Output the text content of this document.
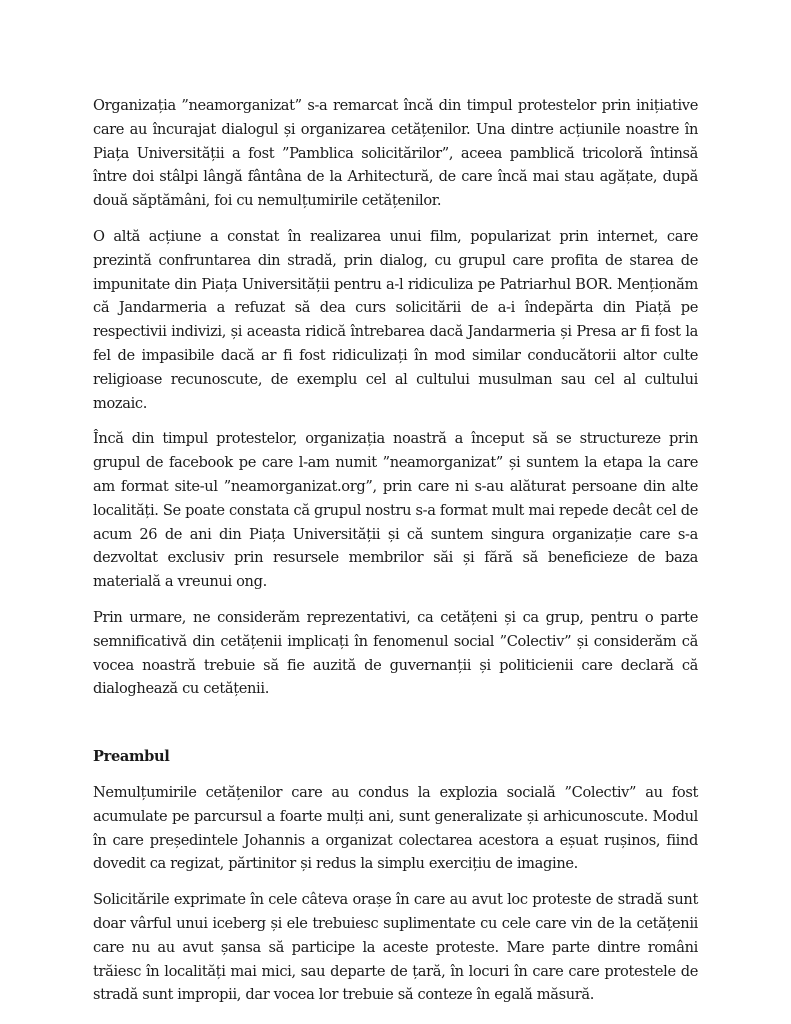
Organizația ”neamorganizat” s-a remarcat încă din timpul protestelor prin inițiative care au încurajat dialogul și organizarea cetățenilor. Una dintre acțiunile noastre în Piața Universității a fost ”Pamblica solicitărilor”, aceea pamblică tricoloră întinsă între doi stâlpi lângă fântâna de la Arhitectură, de care încă mai stau agățate, după două săptămâni, foi cu nemulțumirile cetățenilor.

O altă acțiune a constat în realizarea unui film, popularizat prin internet, care prezintă confruntarea din stradă, prin dialog, cu grupul care profita de starea de impunitate din Piața Universității pentru a-l ridiculiza pe Patriarhul BOR. Menționăm că Jandarmeria a refuzat să dea curs solicitării de a-i îndepărta din Piață pe respectivii indivizi, și aceasta ridică întrebarea dacă Jandarmeria și Presa ar fi fost la fel de impasibile dacă ar fi fost ridiculizați în mod similar conducătorii altor culte religioase recunoscute, de exemplu cel al cultului musulman sau cel al cultului mozaic.

Încă din timpul protestelor, organizația noastră a început să se structureze prin grupul de facebook pe care l-am numit ”neamorganizat” și suntem la etapa la care am format site-ul ”neamorganizat.org”, prin care ni s-au alăturat persoane din alte localități. Se poate constata că grupul nostru s-a format mult mai repede decât cel de acum 26 de ani din Piața Universității și că suntem singura organizație care s-a dezvoltat exclusiv prin resursele membrilor săi și fără să beneficieze de baza materială a vreunui ong.

Prin urmare, ne considerăm reprezentativi, ca cetățeni și ca grup, pentru o parte semnificativă din cetățenii implicați în fenomenul social ”Colectiv” și considerăm că vocea noastră trebuie să fie auzită de guvernanții și politicienii care declară că dialoghează cu cetățenii.

Preambul

Nemulțumirile cetățenilor care au condus la explozia socială ”Colectiv” au fost acumulate pe parcursul a foarte mulți ani, sunt generalizate și arhicunoscute. Modul în care președintele Johannis a organizat colectarea acestora a eșuat rușinos, fiind dovedit ca regizat, părtinitor și redus la simplu exercițiu de imagine.

Solicitările exprimate în cele câteva orașe în care au avut loc proteste de stradă sunt doar vârful unui iceberg și ele trebuiesc suplimentate cu cele care vin de la cetățenii care nu au avut șansa să participe la aceste proteste. Mare parte dintre români trăiesc în localități mai mici, sau departe de țară, în locuri în care care protestele de stradă sunt impropii, dar vocea lor trebuie să conteze în egală măsură.
